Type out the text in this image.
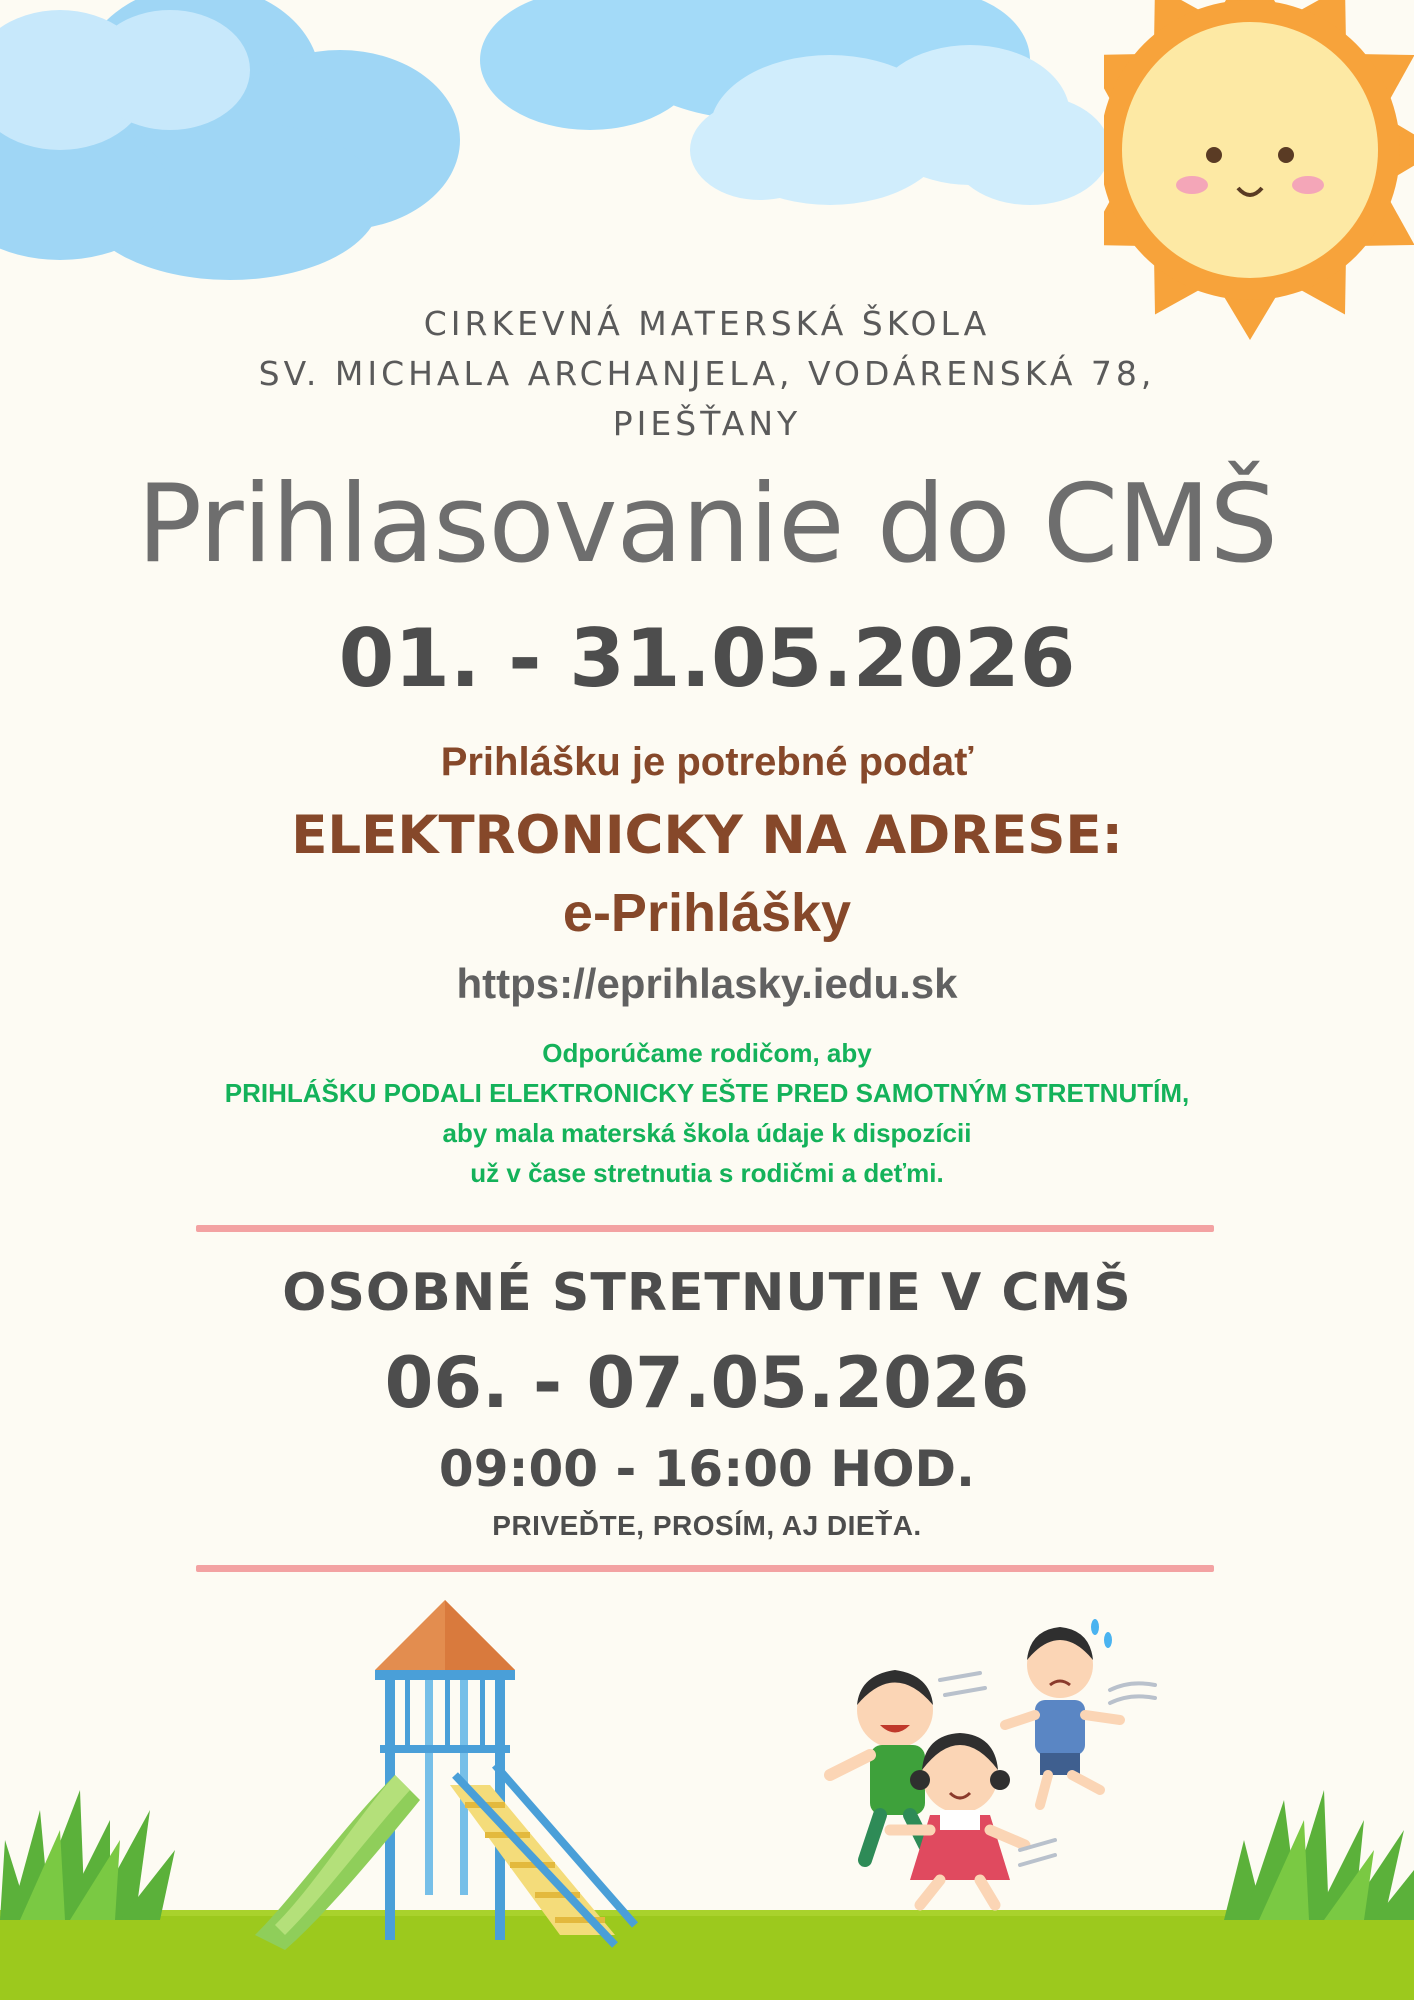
CIRKEVNÁ MATERSKÁ ŠKOLA
SV. MICHALA ARCHANJELA, VODÁRENSKÁ 78,
PIEŠŤANY
Prihlasovanie do CMŠ
01. - 31.05.2026
Prihlášku je potrebné podať
ELEKTRONICKY NA ADRESE:
e-Prihlášky
https://eprihlasky.iedu.sk
Odporúčame rodičom, aby
PRIHLÁŠKU PODALI ELEKTRONICKY EŠTE PRED SAMOTNÝM STRETNUTÍM,
aby mala materská škola údaje k dispozícii
už v čase stretnutia s rodičmi a deťmi.
OSOBNÉ STRETNUTIE V CMŠ
06. - 07.05.2026
09:00 - 16:00 HOD.
PRIVEĎTE, PROSÍM, AJ DIEŤA.
